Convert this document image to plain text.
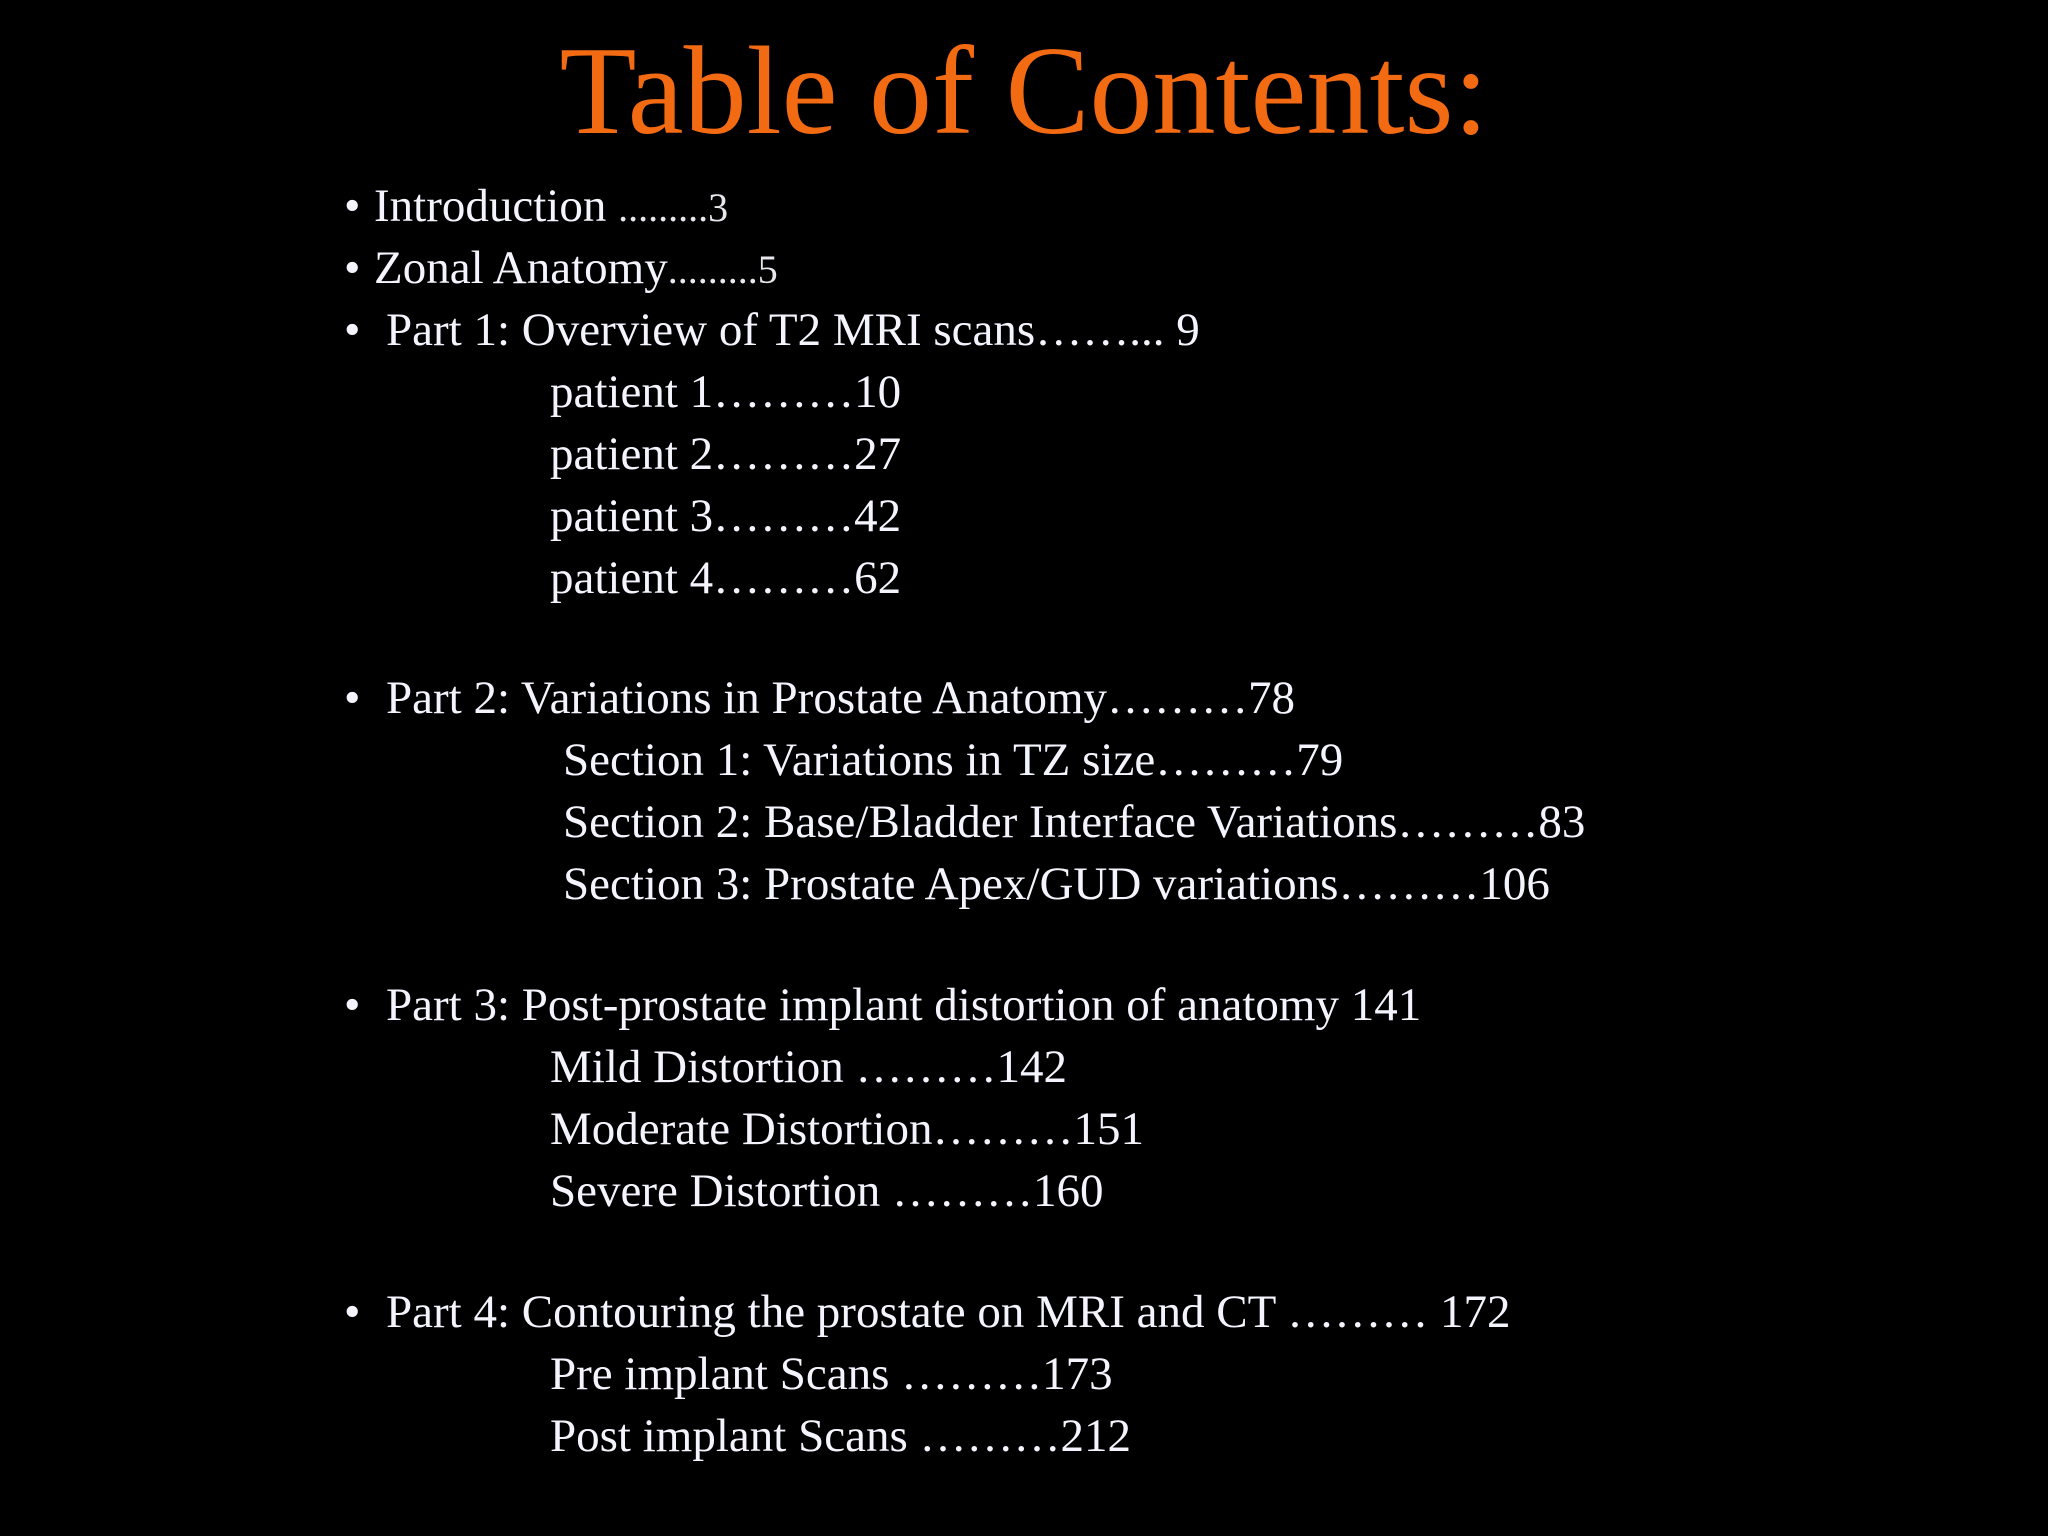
Table of Contents:
• Introduction .........3
• Zonal Anatomy.........5
• Part 1: Overview of T2 MRI scans……... 9
patient 1………10
patient 2………27
patient 3………42
patient 4………62
• Part 2: Variations in Prostate Anatomy………78
Section 1: Variations in TZ size………79
Section 2: Base/Bladder Interface Variations………83
Section 3: Prostate Apex/GUD variations………106
• Part 3: Post-prostate implant distortion of anatomy 141
Mild Distortion ………142
Moderate Distortion………151
Severe Distortion ………160
• Part 4: Contouring the prostate on MRI and CT ……… 172
Pre implant Scans ………173
Post implant Scans ………212
